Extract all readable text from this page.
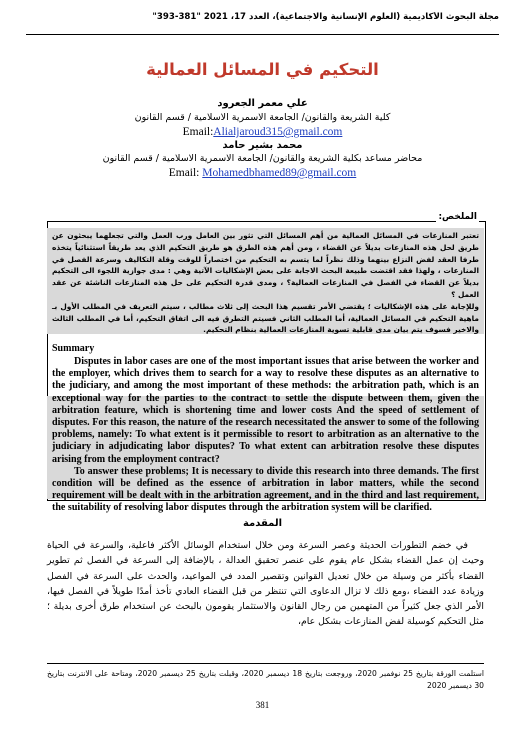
مجلة البحوث الأكاديمية (العلوم الإنسانية والاجتماعية)، العدد 17، 2021 "381-393"
التحكيم في المسائل العمالية
علي معمر الجعرود
كلية الشريعة والقانون/ الجامعة الاسمرية الاسلامية / قسم القانون
Email:Alialjaroud315@gmail.com
محمد بشير حامد
محاضر مساعد بكلية الشريعة والقانون/ الجامعة الاسمرية الاسلامية / قسم القانون
Email: Mohamedbhamed89@gmail.com
الملخص:

تعتبر المنازعات في المسائل العمالية من أهم المسائل التي تثور بين العامل ورب العمل والتي تجعلهما يبحثون عن طريق لحل هذه المنازعات بديلاً عن القضاء ، ومن أهم هذه الطرق هو طريق التحكيم الذي يعد طريقاً استثنائياً يتخذه طرفا العقد لفض النزاع بينهما وذلك نظراً لما يتسم به التحكيم من اختصاراً للوقت وقلة التكاليف وسرعة الفصل في المنازعات ، ولهذا فقد اقتضت طبيعة البحث الاجابة على بعض الإشكاليات الآتية وهي : مدى جوازية اللجوء الى التحكيم بديلاً عن القضاء في الفصل في المنازعات العمالية؟ ، ومدى قدرة التحكيم على حل هذه المنازعات الناشئة عن عقد العمل ؟

وللإجابة على هذه الإشكاليات ؛ يقتضي الأمر تقسيم هذا البحث إلى ثلاث مطالب ، سيتم التعريف في المطلب الأول بـ ماهية التحكيم في المسائل العمالية، أما المطلب الثاني فسيتم التطرق فيه الى اتفاق التحكيم، أما في المطلب الثالث والاخير فسوف يتم بيان مدى قابلية تسوية المنازعات العمالية بنظام التحكيم.

Summary

Disputes in labor cases are one of the most important issues that arise between the worker and the employer, which drives them to search for a way to resolve these disputes as an alternative to the judiciary, and among the most important of these methods: the arbitration path, which is an exceptional way for the parties to the contract to settle the dispute between them, given the arbitration feature, which is shortening time and lower costs And the speed of settlement of disputes. For this reason, the nature of the research necessitated the answer to some of the following problems, namely: To what extent is it permissible to resort to arbitration as an alternative to the judiciary in adjudicating labor disputes? To what extent can arbitration resolve these disputes arising from the employment contract?

To answer these problems; It is necessary to divide this research into three demands. The first condition will be defined as the essence of arbitration in labor matters, while the second requirement will be dealt with in the arbitration agreement, and in the third and last requirement, the suitability of resolving labor disputes through the arbitration system will be clarified.

المقدمة

في خضم التطورات الحديثة وعصر السرعة ومن خلال استخدام الوسائل الأكثر فاعلية، والسرعة في الحياة وحيث إن عمل القضاء بشكل عام يقوم على عنصر تحقيق العدالة ، بالإضافة إلى السرعة في الفصل ثم تطوير القضاء بأكثر من وسيلة من خلال تعديل القوانين وتقصير المدد في المواعيد، والحدث على السرعة في الفصل وزيادة عدد القضاء ،ومع ذلك لا تزال الدعاوى التي تنتظر من قبل القضاء العادي تأخذ أمدًا طويلاً في الفصل فيها، الأمر الذي جعل كثيراً من المتهمين من رجال القانون والاستثمار يقومون بالبحث عن استخدام طرق أخرى بديلة ؛ مثل التحكيم كوسيلة لفض المنازعات بشكل عام،

استلمت الورقة بتاريخ 25 نوفمبر 2020، وروجعت بتاريخ 18 ديسمبر 2020، وقبلت بتاريخ 25 ديسمبر 2020، ومتاحة على الانترنت بتاريخ 30 ديسمبر 2020
381
